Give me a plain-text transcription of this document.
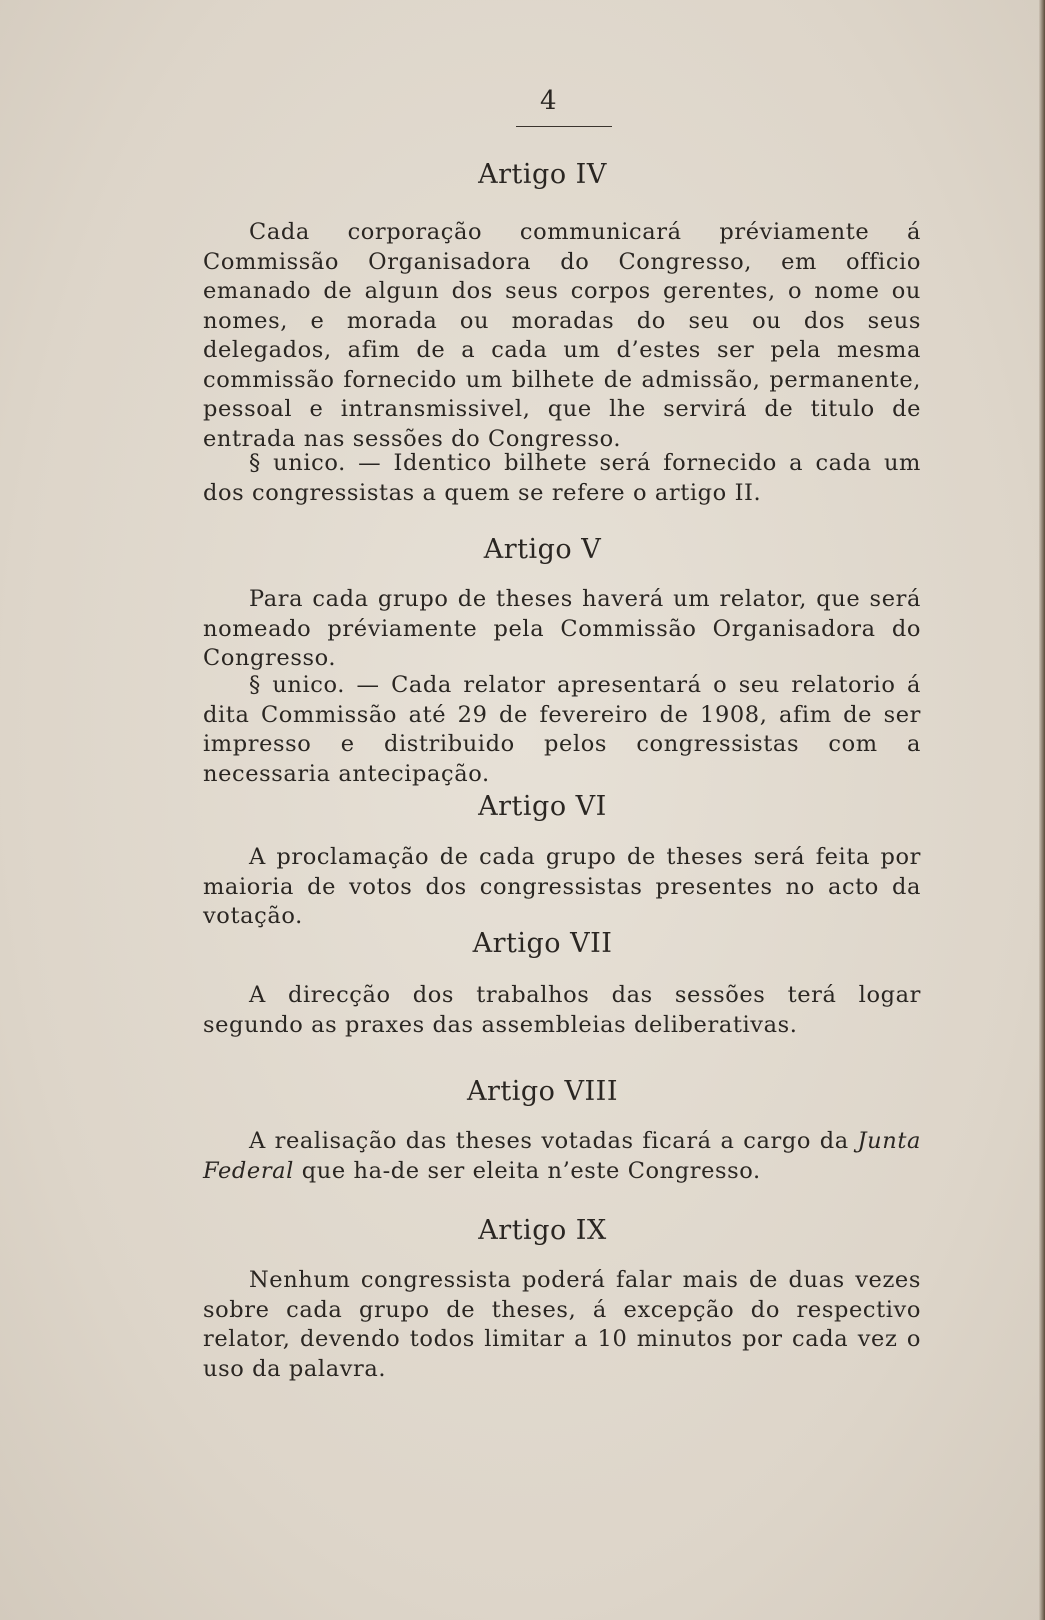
4
Artigo IV

Cada corporação communicará préviamente á Commissão Organisadora do Congresso, em officio emanado de alguın dos seus corpos gerentes, o nome ou nomes, e morada ou moradas do seu ou dos seus delegados, afim de a cada um d’estes ser pela mesma commissão fornecido um bilhete de admissão, permanente, pessoal e intransmissivel, que lhe servirá de titulo de entrada nas sessões do Congresso.

§ unico. — Identico bilhete será fornecido a cada um dos congressistas a quem se refere o artigo II.

Artigo V

Para cada grupo de theses haverá um relator, que será nomeado préviamente pela Commissão Organisadora do Congresso.

§ unico. — Cada relator apresentará o seu relatorio á dita Commissão até 29 de fevereiro de 1908, afim de ser impresso e distribuido pelos congressistas com a necessaria antecipação.

Artigo VI

A proclamação de cada grupo de theses será feita por maioria de votos dos congressistas presentes no acto da votação.

Artigo VII

A direcção dos trabalhos das sessões terá logar segundo as praxes das assembleias deliberativas.

Artigo VIII

A realisação das theses votadas ficará a cargo da Junta Federal que ha-de ser eleita n’este Congresso.

Artigo IX

Nenhum congressista poderá falar mais de duas vezes sobre cada grupo de theses, á excepção do respectivo relator, devendo todos limitar a 10 minutos por cada vez o uso da palavra.
